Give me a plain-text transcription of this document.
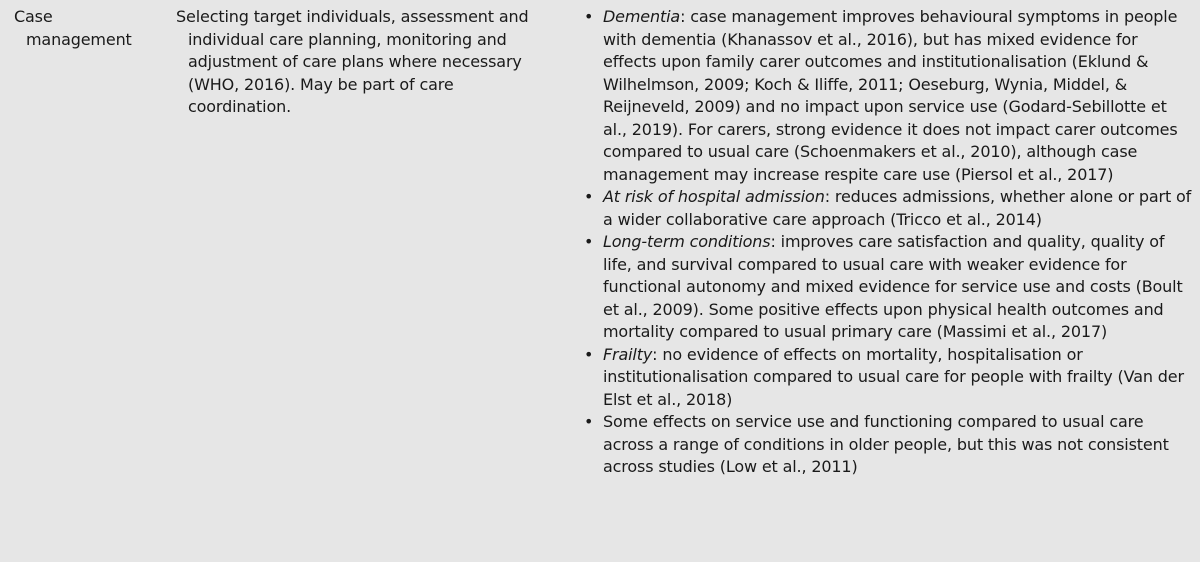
Case
management
Selecting target individuals, assessment and individual care planning, monitoring and adjustment of care plans where necessary (WHO, 2016). May be part of care coordination.
• Dementia: case management improves behavioural symptoms in people with dementia (Khanassov et al., 2016), but has mixed evidence for effects upon family carer outcomes and institutionalisation (Eklund & Wilhelmson, 2009; Koch & Iliffe, 2011; Oeseburg, Wynia, Middel, & Reijneveld, 2009) and no impact upon service use (Godard-Sebillotte et al., 2019). For carers, strong evidence it does not impact carer outcomes compared to usual care (Schoenmakers et al., 2010), although case management may increase respite care use (Piersol et al., 2017)
• At risk of hospital admission: reduces admissions, whether alone or part of a wider collaborative care approach (Tricco et al., 2014)
• Long-term conditions: improves care satisfaction and quality, quality of life, and survival compared to usual care with weaker evidence for functional autonomy and mixed evidence for service use and costs (Boult et al., 2009). Some positive effects upon physical health outcomes and mortality compared to usual primary care (Massimi et al., 2017)
• Frailty: no evidence of effects on mortality, hospitalisation or institutionalisation compared to usual care for people with frailty (Van der Elst et al., 2018)
• Some effects on service use and functioning compared to usual care across a range of conditions in older people, but this was not consistent across studies (Low et al., 2011)
